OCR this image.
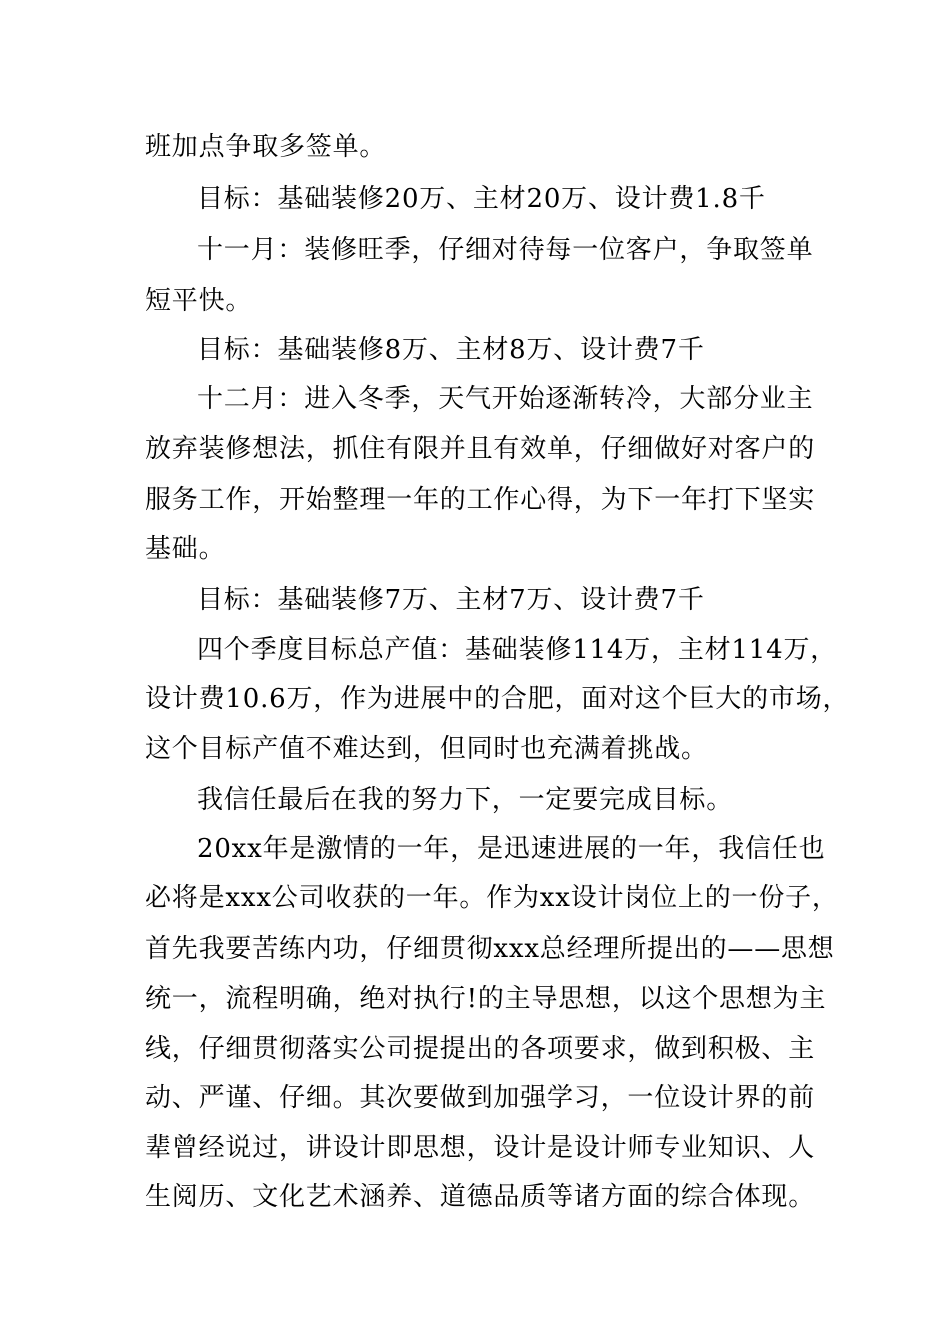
班加点争取多签单。
目标：基础装修20万、主材20万、设计费1.8千
十一月：装修旺季，仔细对待每一位客户，争取签单
短平快。
目标：基础装修8万、主材8万、设计费7千
十二月：进入冬季，天气开始逐渐转冷，大部分业主
放弃装修想法，抓住有限并且有效单，仔细做好对客户的
服务工作，开始整理一年的工作心得，为下一年打下坚实
基础。
目标：基础装修7万、主材7万、设计费7千
四个季度目标总产值：基础装修114万，主材114万，
设计费10.6万，作为进展中的合肥，面对这个巨大的市场，
这个目标产值不难达到，但同时也充满着挑战。
我信任最后在我的努力下，一定要完成目标。
20xx年是激情的一年，是迅速进展的一年，我信任也
必将是xxx公司收获的一年。作为xx设计岗位上的一份子，
首先我要苦练内功，仔细贯彻xxx总经理所提出的——思想
统一，流程明确，绝对执行!的主导思想，以这个思想为主
线，仔细贯彻落实公司提提出的各项要求，做到积极、主
动、严谨、仔细。其次要做到加强学习，一位设计界的前
辈曾经说过，讲设计即思想，设计是设计师专业知识、人
生阅历、文化艺术涵养、道德品质等诸方面的综合体现。
